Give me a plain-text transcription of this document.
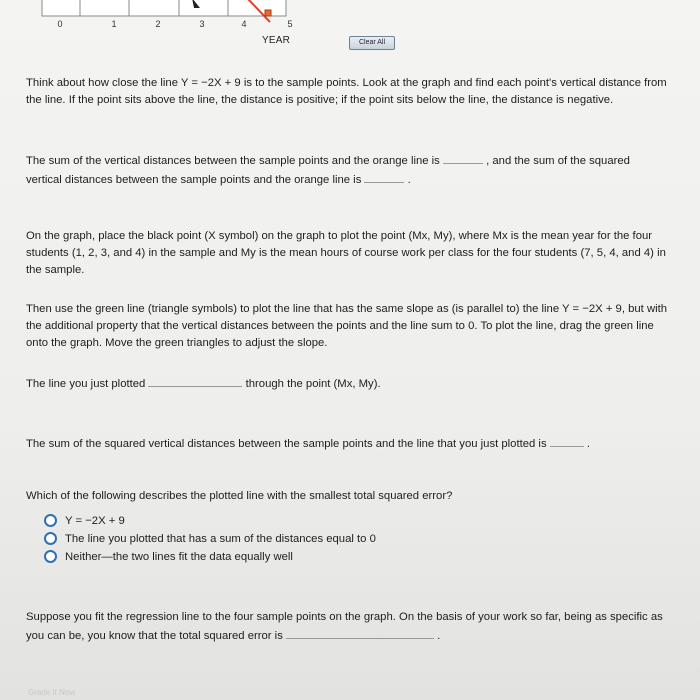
0	1	2	3	4	5
YEAR	Clear All
Think about how close the line Y = −2X + 9 is to the sample points. Look at the graph and find each point's vertical distance from the line. If the point sits above the line, the distance is positive; if the point sits below the line, the distance is negative.
The sum of the vertical distances between the sample points and the orange line is	, and the sum of the squared vertical distances between the sample points and the orange line is	.
On the graph, place the black point (X symbol) on the graph to plot the point (Mx, My), where Mx is the mean year for the four students (1, 2, 3, and 4) in the sample and My is the mean hours of course work per class for the four students (7, 5, 4, and 4) in the sample.
Then use the green line (triangle symbols) to plot the line that has the same slope as (is parallel to) the line Y = −2X + 9, but with the additional property that the vertical distances between the points and the line sum to 0. To plot the line, drag the green line onto the graph. Move the green triangles to adjust the slope.
The line you just plotted	through the point (Mx, My).
The sum of the squared vertical distances between the sample points and the line that you just plotted is	.
Which of the following describes the plotted line with the smallest total squared error?
Y = −2X + 9
The line you plotted that has a sum of the distances equal to 0
Neither—the two lines fit the data equally well
Suppose you fit the regression line to the four sample points on the graph. On the basis of your work so far, being as specific as you can be, you know that the total squared error is	.
Grade It Now
